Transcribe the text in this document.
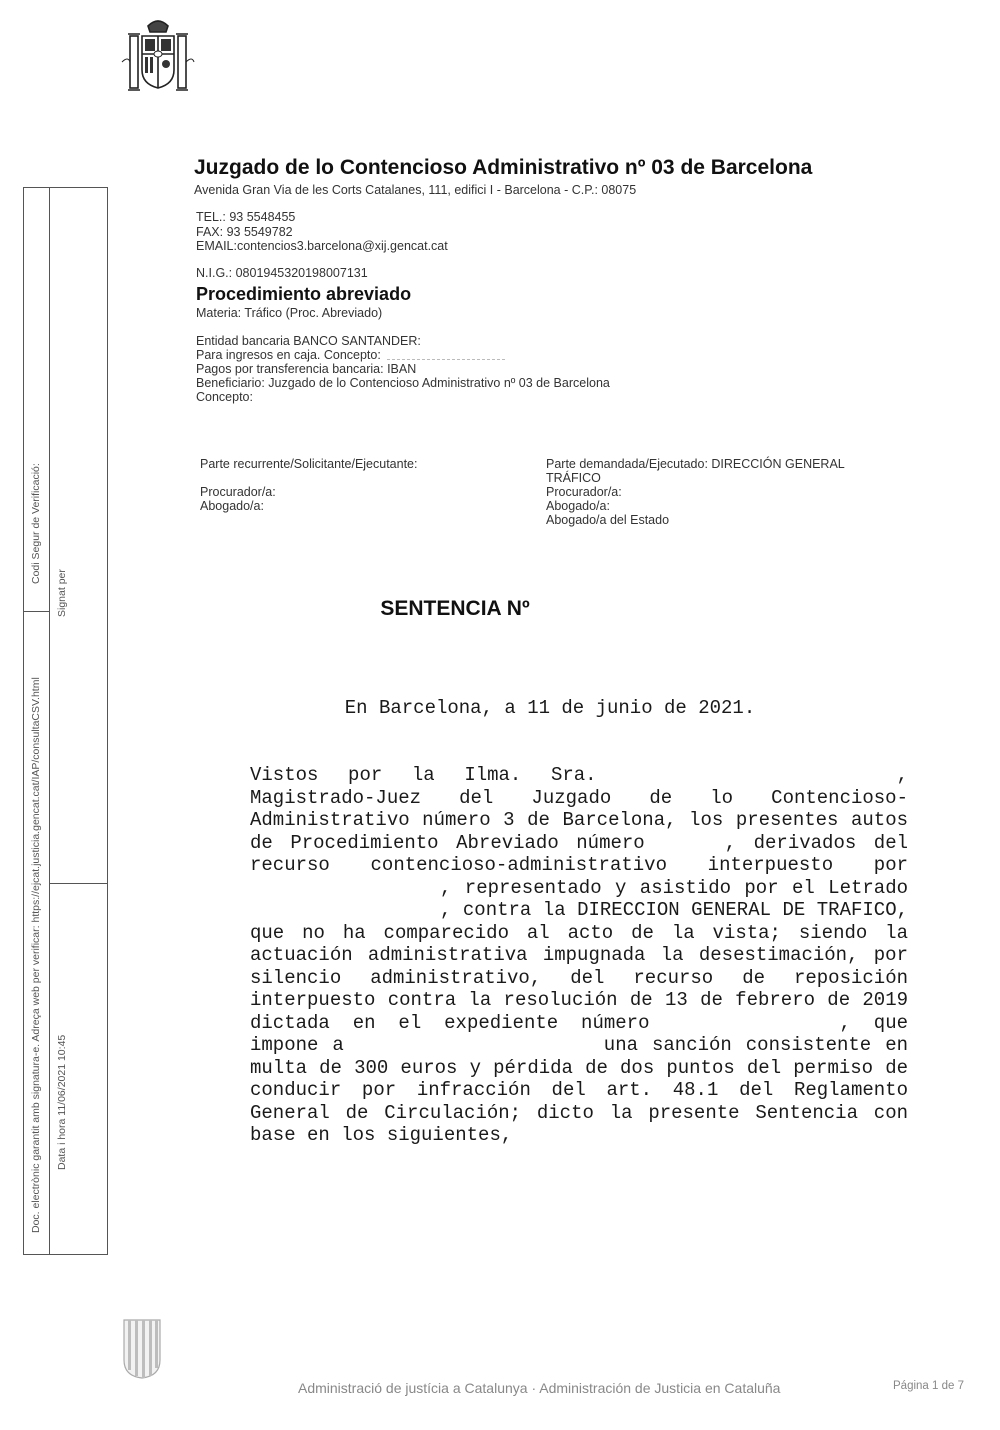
Juzgado de lo Contencioso Administrativo nº 03 de Barcelona
Avenida Gran Via de les Corts Catalanes, 111, edifici I - Barcelona - C.P.: 08075
TEL.: 93 5548455
FAX: 93 5549782
EMAIL:contencios3.barcelona@xij.gencat.cat
N.I.G.: 0801945320198007131
Procedimiento abreviado
Materia: Tráfico (Proc. Abreviado)
Entidad bancaria BANCO SANTANDER:
Para ingresos en caja. Concepto:
Pagos por transferencia bancaria: IBAN
Beneficiario: Juzgado de lo Contencioso Administrativo nº 03 de Barcelona
Concepto:
Parte recurrente/Solicitante/Ejecutante:
Procurador/a:
Abogado/a:
Parte demandada/Ejecutado: DIRECCIÓN GENERAL
TRÁFICO
Procurador/a:
Abogado/a:
Abogado/a del Estado
SENTENCIA Nº
En Barcelona, a 11 de junio de 2021.
Vistos por la Ilma. Sra.	, Magistrado-Juez del Juzgado de lo Contencioso-Administrativo número 3 de Barcelona, los presentes autos de Procedimiento Abreviado número	, derivados del recurso contencioso-administrativo interpuesto por, representado y asistido por el Letrado, contra la DIRECCION GENERAL DE TRAFICO, que no ha comparecido al acto de la vista; siendo la actuación administrativa impugnada la desestimación, por silencio administrativo, del recurso de reposición interpuesto contra la resolución de 13 de febrero de 2019 dictada en el expediente número	, que impone a	una sanción consistente en multa de 300 euros y pérdida de dos puntos del permiso de conducir por infracción del art. 48.1 del Reglamento General de Circulación; dicto la presente Sentencia con base en los siguientes,
Codi Segur de Verificació:
Signat per
Doc. electrònic garantit amb signatura-e. Adreça web per verificar: https://ejcat.justicia.gencat.cat/IAP/consultaCSV.html Data i hora 11/06/2021 10:45
Administració de justícia a Catalunya · Administración de Justicia en Cataluña	Página 1 de 7
